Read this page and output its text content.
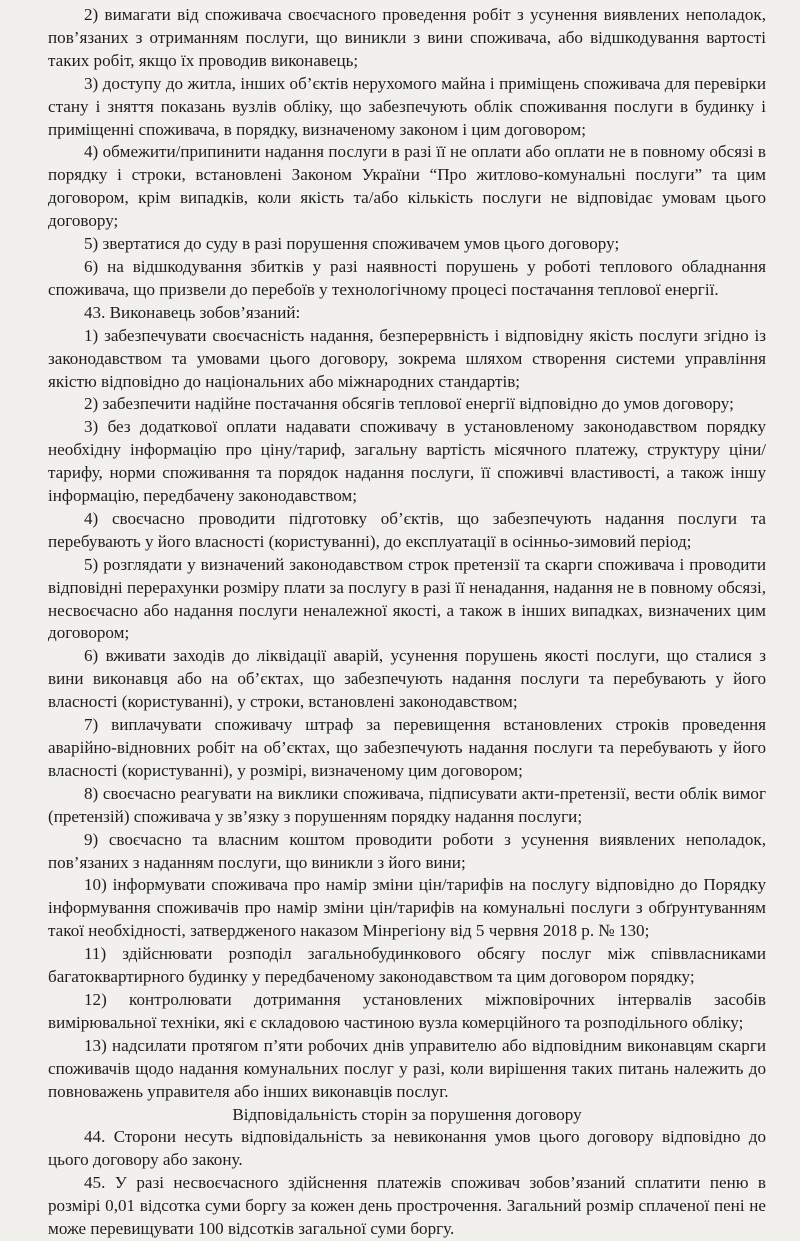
2) вимагати від споживача своєчасного проведення робіт з усунення виявлених неполадок, пов’язаних з отриманням послуги, що виникли з вини споживача, або відшкодування вартості таких робіт, якщо їх проводив виконавець;

3) доступу до житла, інших об’єктів нерухомого майна і приміщень споживача для перевірки стану і зняття показань вузлів обліку, що забезпечують облік споживання послуги в будинку і приміщенні споживача, в порядку, визначеному законом і цим договором;

4) обмежити/припинити надання послуги в разі її не оплати або оплати не в повному обсязі в порядку і строки, встановлені Законом України “Про житлово-комунальні послуги” та цим договором, крім випадків, коли якість та/або кількість послуги не відповідає умовам цього договору;

5) звертатися до суду в разі порушення споживачем умов цього договору;

6) на відшкодування збитків у разі наявності порушень у роботі теплового обладнання споживача, що призвели до перебоїв у технологічному процесі постачання теплової енергії.

43. Виконавець зобов’язаний:

1) забезпечувати своєчасність надання, безперервність і відповідну якість послуги згідно із законодавством та умовами цього договору, зокрема шляхом створення системи управління якістю відповідно до національних або міжнародних стандартів;

2) забезпечити надійне постачання обсягів теплової енергії відповідно до умов договору;

3) без додаткової оплати надавати споживачу в установленому законодавством порядку необхідну інформацію про ціну/тариф, загальну вартість місячного платежу, структуру ціни/тарифу, норми споживання та порядок надання послуги, її споживчі властивості, а також іншу інформацію, передбачену законодавством;

4) своєчасно проводити підготовку об’єктів, що забезпечують надання послуги та перебувають у його власності (користуванні), до експлуатації в осінньо-зимовий період;

5) розглядати у визначений законодавством строк претензії та скарги споживача і проводити відповідні перерахунки розміру плати за послугу в разі її ненадання, надання не в повному обсязі, несвоєчасно або надання послуги неналежної якості, а також в інших випадках, визначених цим договором;

6) вживати заходів до ліквідації аварій, усунення порушень якості послуги, що сталися з вини виконавця або на об’єктах, що забезпечують надання послуги та перебувають у його власності (користуванні), у строки, встановлені законодавством;

7) виплачувати споживачу штраф за перевищення встановлених строків проведення аварійно-відновних робіт на об’єктах, що забезпечують надання послуги та перебувають у його власності (користуванні), у розмірі, визначеному цим договором;

8) своєчасно реагувати на виклики споживача, підписувати акти-претензії, вести облік вимог (претензій) споживача у зв’язку з порушенням порядку надання послуги;

9) своєчасно та власним коштом проводити роботи з усунення виявлених неполадок, пов’язаних з наданням послуги, що виникли з його вини;

10) інформувати споживача про намір зміни цін/тарифів на послугу відповідно до Порядку інформування споживачів про намір зміни цін/тарифів на комунальні послуги з обґрунтуванням такої необхідності, затвердженого наказом Мінрегіону від 5 червня 2018 р. № 130;

11) здійснювати розподіл загальнобудинкового обсягу послуг між співвласниками багатоквартирного будинку у передбаченому законодавством та цим договором порядку;

12) контролювати дотримання установлених міжповірочних інтервалів засобів вимірювальної техніки, які є складовою частиною вузла комерційного та розподільного обліку;

13) надсилати протягом п’яти робочих днів управителю або відповідним виконавцям скарги споживачів щодо надання комунальних послуг у разі, коли вирішення таких питань належить до повноважень управителя або інших виконавців послуг.

Відповідальність сторін за порушення договору

44. Сторони несуть відповідальність за невиконання умов цього договору відповідно до цього договору або закону.

45. У разі несвоєчасного здійснення платежів споживач зобов’язаний сплатити пеню в розмірі 0,01 відсотка суми боргу за кожен день прострочення. Загальний розмір сплаченої пені не може перевищувати 100 відсотків загальної суми боргу.
